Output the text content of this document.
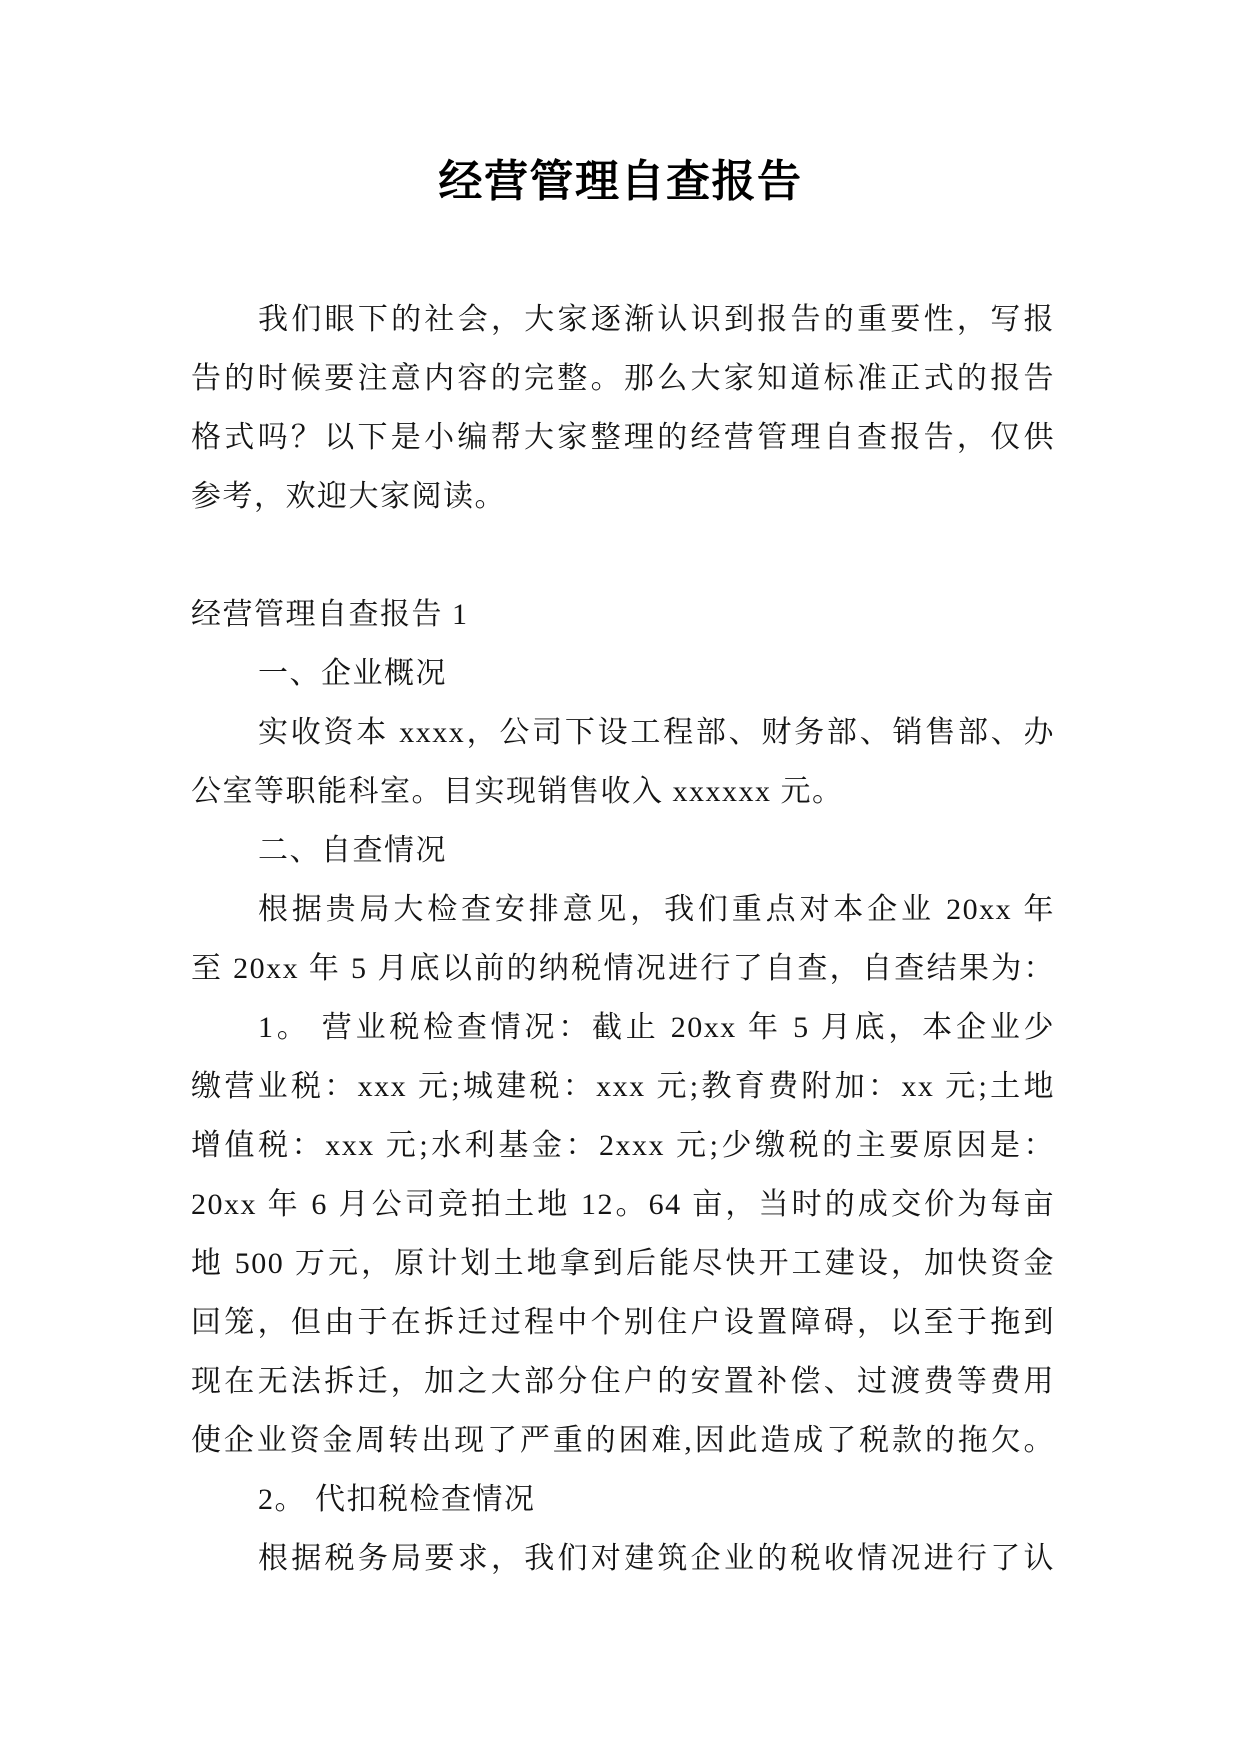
经营管理自查报告
我们眼下的社会，大家逐渐认识到报告的重要性，写报
告的时候要注意内容的完整。那么大家知道标准正式的报告
格式吗？以下是小编帮大家整理的经营管理自查报告，仅供
参考，欢迎大家阅读。
经营管理自查报告 1
一、企业概况
实收资本 xxxx，公司下设工程部、财务部、销售部、办
公室等职能科室。目实现销售收入 xxxxxx 元。
二、自查情况
根据贵局大检查安排意见，我们重点对本企业 20xx 年
至 20xx 年 5 月底以前的纳税情况进行了自查，自查结果为：
1。 营业税检查情况：截止 20xx 年 5 月底，本企业少
缴营业税：xxx 元;城建税：xxx 元;教育费附加：xx 元;土地
增值税：xxx 元;水利基金：2xxx 元;少缴税的主要原因是：
20xx 年 6 月公司竞拍土地 12。64 亩，当时的成交价为每亩
地 500 万元，原计划土地拿到后能尽快开工建设，加快资金
回笼，但由于在拆迁过程中个别住户设置障碍，以至于拖到
现在无法拆迁，加之大部分住户的安置补偿、过渡费等费用
使企业资金周转出现了严重的困难,因此造成了税款的拖欠。
2。 代扣税检查情况
根据税务局要求，我们对建筑企业的税收情况进行了认
